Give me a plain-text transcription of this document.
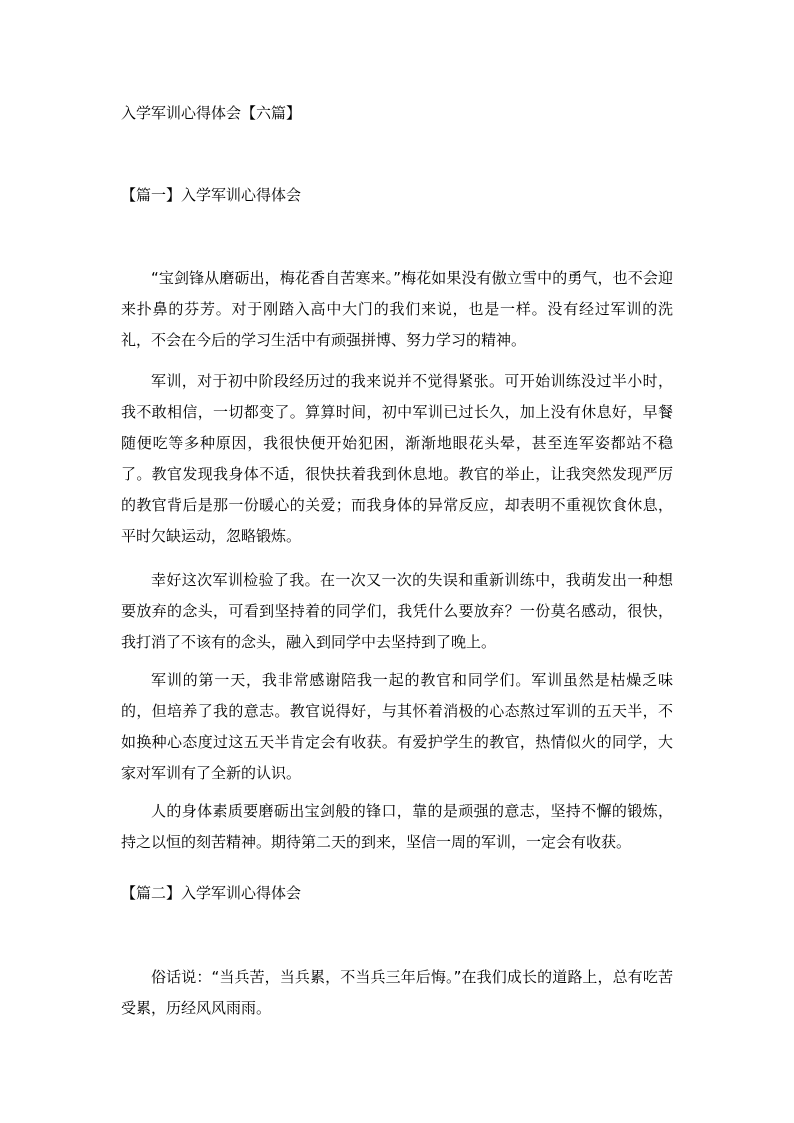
入学军训心得体会【六篇】
【篇一】入学军训心得体会

“宝剑锋从磨砺出，梅花香自苦寒来。”梅花如果没有傲立雪中的勇气，也不会迎来扑鼻的芬芳。对于刚踏入高中大门的我们来说，也是一样。没有经过军训的洗礼，不会在今后的学习生活中有顽强拼博、努力学习的精神。

军训，对于初中阶段经历过的我来说并不觉得紧张。可开始训练没过半小时，我不敢相信，一切都变了。算算时间，初中军训已过长久，加上没有休息好，早餐随便吃等多种原因，我很快便开始犯困，渐渐地眼花头晕，甚至连军姿都站不稳了。教官发现我身体不适，很快扶着我到休息地。教官的举止，让我突然发现严厉的教官背后是那一份暖心的关爱；而我身体的异常反应，却表明不重视饮食休息，平时欠缺运动，忽略锻炼。

幸好这次军训检验了我。在一次又一次的失误和重新训练中，我萌发出一种想要放弃的念头，可看到坚持着的同学们，我凭什么要放弃？一份莫名感动，很快，我打消了不该有的念头，融入到同学中去坚持到了晚上。

军训的第一天，我非常感谢陪我一起的教官和同学们。军训虽然是枯燥乏味的，但培养了我的意志。教官说得好，与其怀着消极的心态熬过军训的五天半，不如换种心态度过这五天半肯定会有收获。有爱护学生的教官，热情似火的同学，大家对军训有了全新的认识。

人的身体素质要磨砺出宝剑般的锋口，靠的是顽强的意志，坚持不懈的锻炼，持之以恒的刻苦精神。期待第二天的到来，坚信一周的军训，一定会有收获。

【篇二】入学军训心得体会

俗话说：“当兵苦，当兵累，不当兵三年后悔。”在我们成长的道路上，总有吃苦受累，历经风风雨雨。
